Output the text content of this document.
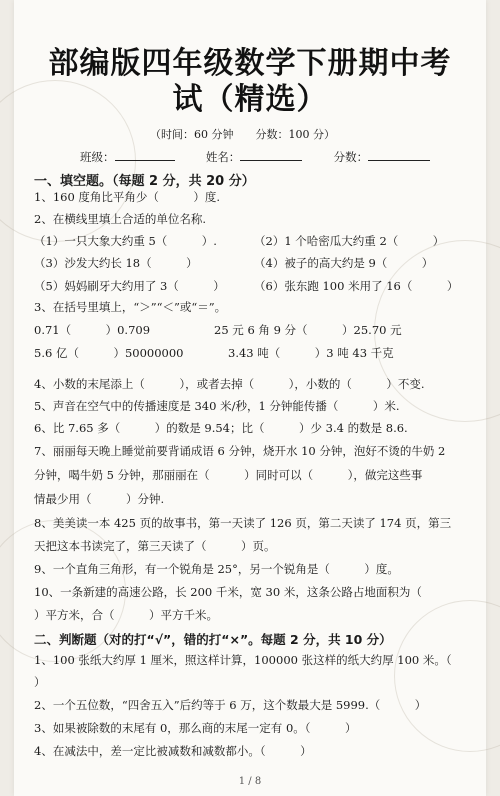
部编版四年级数学下册期中考
试（精选）
（时间：60 分钟　　分数：100 分）
班级：	姓名：	分数：
一、填空题。（每题 2 分，共 20 分）
1、160 度角比平角少（　　　）度.
2、在横线里填上合适的单位名称.
（1）一只大象大约重 5（　　　）.	（2）1 个哈密瓜大约重 2（　　　）
（3）沙发大约长 18（　　　）	（4）被子的高大约是 9（　　　）
（5）妈妈刷牙大约用了 3（　　　）	（6）张东跑 100 米用了 16（　　　）
3、在括号里填上，“＞”“＜”或“＝”。
0.71（　　　）0.709	25 元 6 角 9 分（　　　）25.70 元
5.6 亿（　　　）50000000	3.43 吨（　　　）3 吨 43 千克
4、小数的末尾添上（　　　），或者去掉（　　　），小数的（　　　）不变.
5、声音在空气中的传播速度是 340 米/秒，1 分钟能传播（　　　）米.
6、比 7.65 多（　　　）的数是 9.54；比（　　　）少 3.4 的数是 8.6.
7、丽丽每天晚上睡觉前要背诵成语 6 分钟，烧开水 10 分钟，泡好不烫的牛奶 2
分钟，喝牛奶 5 分钟，那丽丽在（　　　）同时可以（　　　），做完这些事
情最少用（　　　）分钟.
8、美美读一本 425 页的故事书，第一天读了 126 页，第二天读了 174 页，第三
天把这本书读完了，第三天读了（　　　）页。
9、一个直角三角形，有一个锐角是 25°，另一个锐角是（　　　）度。
10、一条新建的高速公路，长 200 千米，宽 30 米，这条公路占地面积为（
）平方米，合（　　　）平方千米。
二、判断题（对的打“√”，错的打“×”。每题 2 分，共 10 分）
1、100 张纸大约厚 1 厘米，照这样计算，100000 张这样的纸大约厚 100 米。（
）
2、一个五位数，“四舍五入”后约等于 6 万，这个数最大是 5999.（　　　）
3、如果被除数的末尾有 0，那么商的末尾一定有 0。（　　　）
4、在减法中，差一定比被减数和减数都小。（　　　）
1 / 8
